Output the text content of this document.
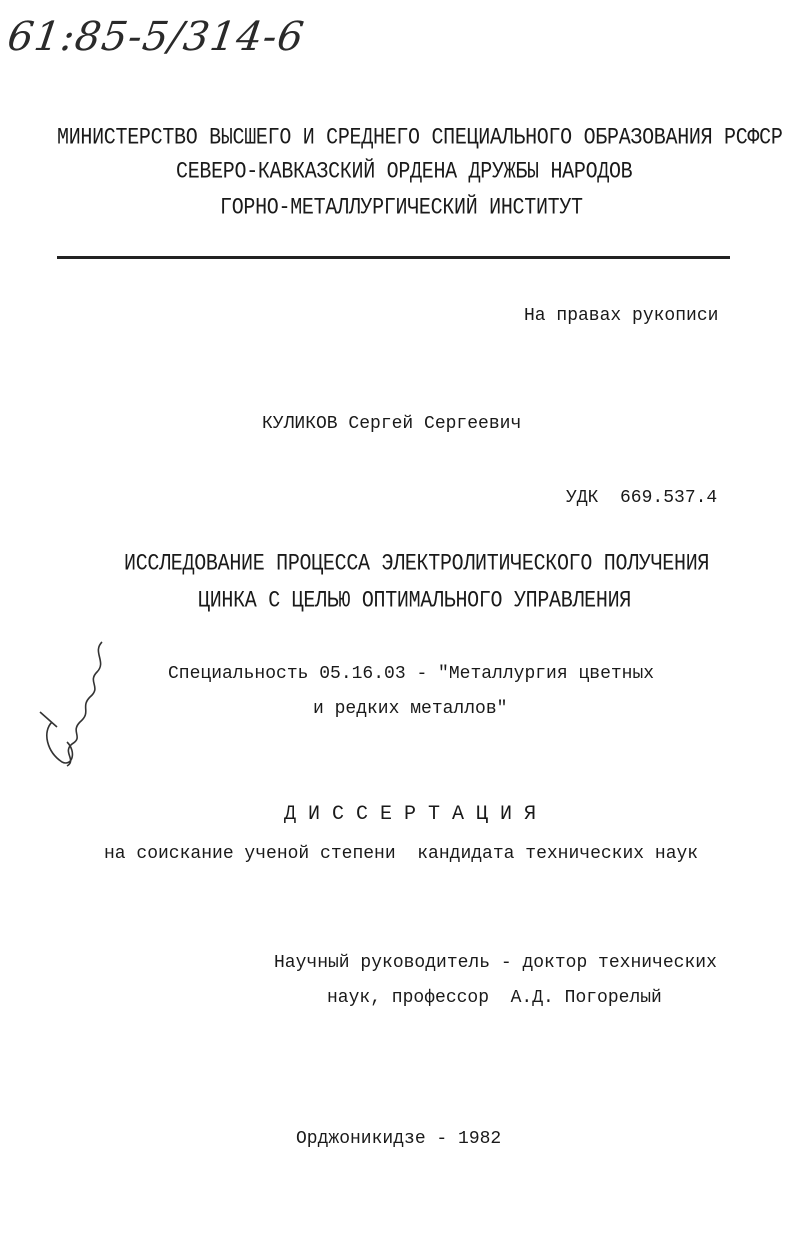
61:85-5/314-6
МИНИСТЕРСТВО ВЫСШЕГО И СРЕДНЕГО СПЕЦИАЛЬНОГО ОБРАЗОВАНИЯ РСФСР
СЕВЕРО-КАВКАЗСКИЙ ОРДЕНА ДРУЖБЫ НАРОДОВ
ГОРНО-МЕТАЛЛУРГИЧЕСКИЙ ИНСТИТУТ
На правах рукописи
КУЛИКОВ Сергей Сергеевич
УДК  669.537.4
ИССЛЕДОВАНИЕ ПРОЦЕССА ЭЛЕКТРОЛИТИЧЕСКОГО ПОЛУЧЕНИЯ
ЦИНКА С ЦЕЛЬЮ ОПТИМАЛЬНОГО УПРАВЛЕНИЯ
Специальность 05.16.03 - "Металлургия цветных
и редких металлов"
Д И С С Е Р Т А Ц И Я
на соискание ученой степени  кандидата технических наук
Научный руководитель - доктор технических
наук, профессор  А.Д. Погорелый
Орджоникидзе - 1982
